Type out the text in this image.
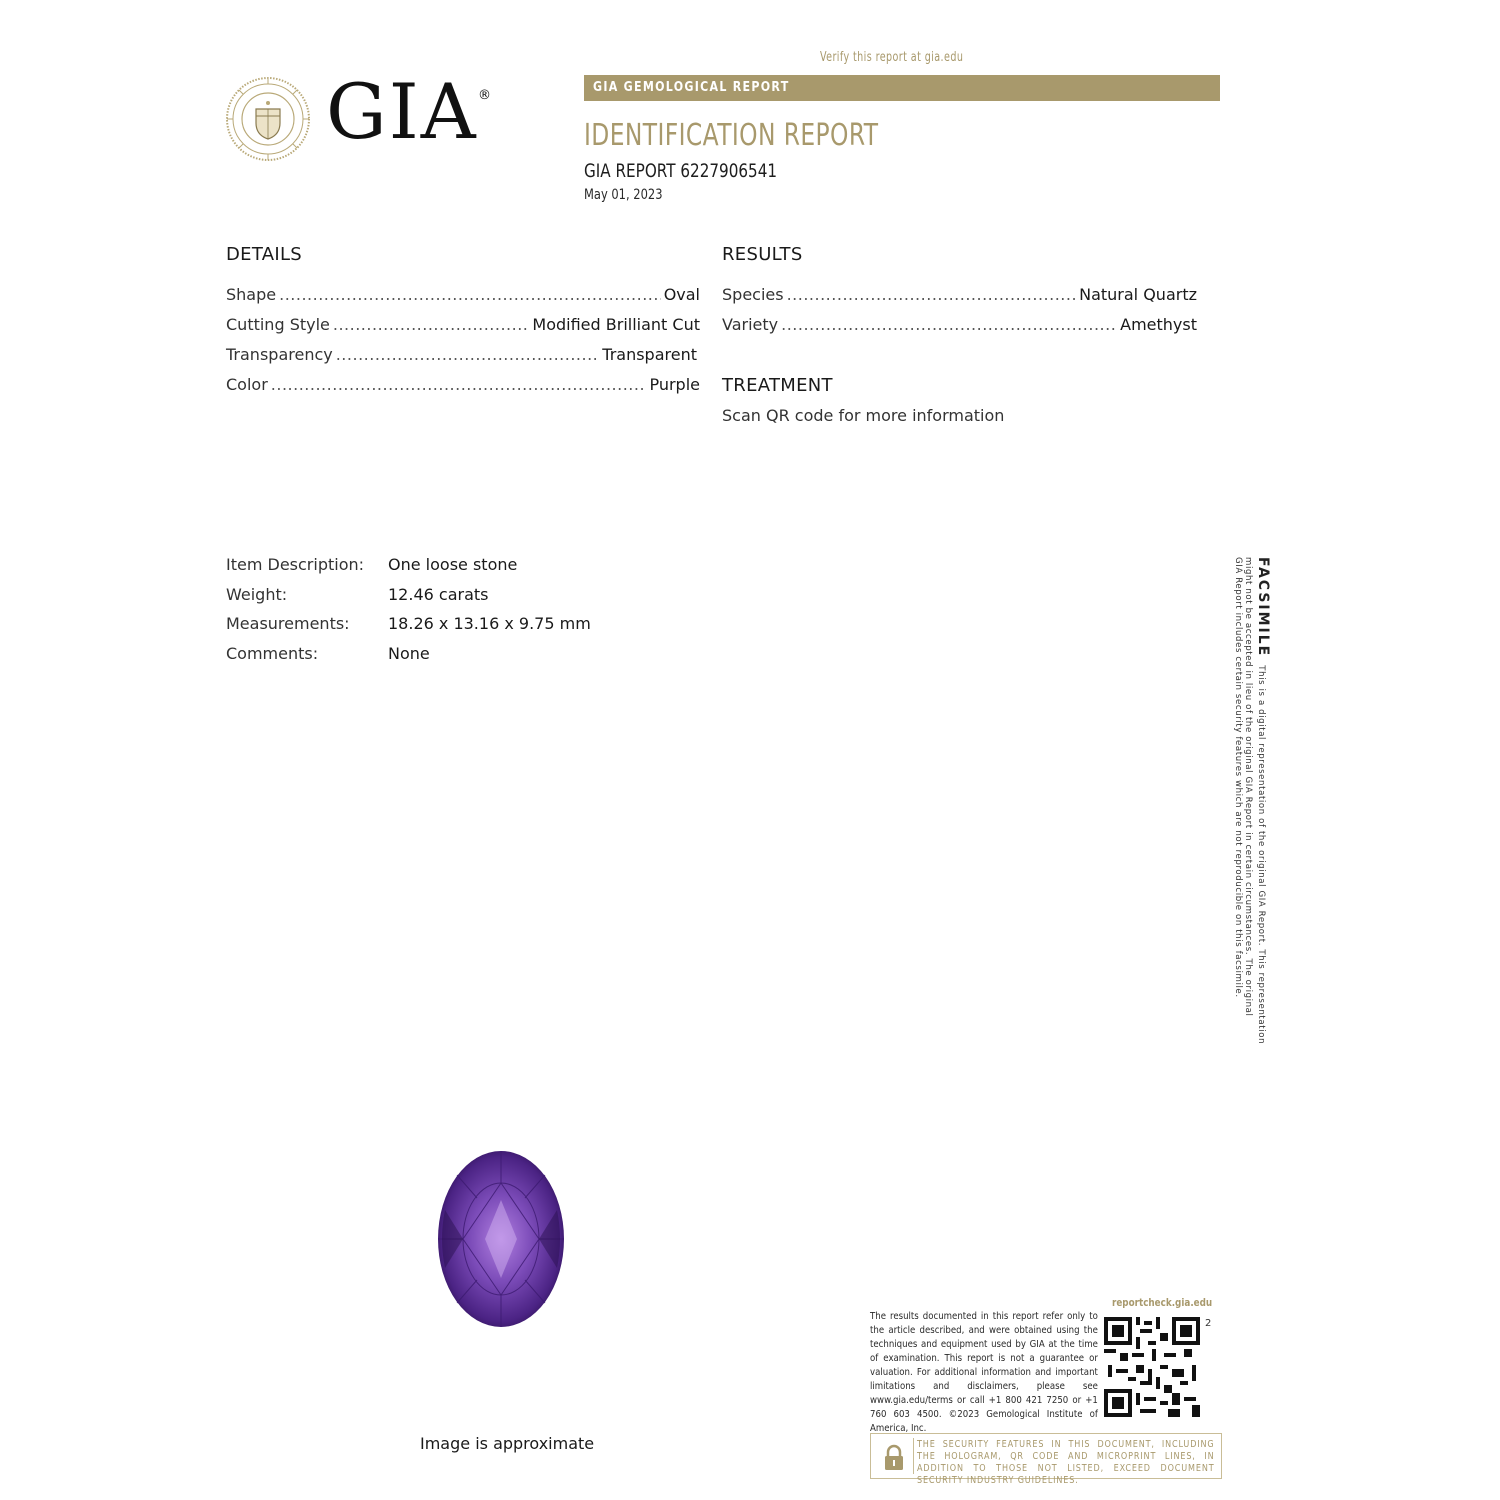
Verify this report at gia.edu
GIA GEMOLOGICAL REPORT
IDENTIFICATION REPORT
GIA REPORT 6227906541
May 01, 2023
GIA ®
DETAILS
Shape .....	Oval
Cutting Style .....	Modified Brilliant Cut
Transparency .....	Transparent
Color .....	Purple
RESULTS
Species .....	Natural Quartz
Variety .....	Amethyst
TREATMENT
Scan QR code for more information
Item Description:	One loose stone
Weight:	12.46 carats
Measurements:	18.26 x 13.16 x 9.75 mm
Comments:	None	FACSIMILE
This is a digital representation of the original GIA Report. This representation
might not be accepted in lieu of the original GIA Report in certain circumstances. The original
GIA Report includes certain security features which are not reproducible on this facsimile.
Image is approximate
The results documented in this report refer only to the article described, and were obtained using the techniques and equipment used by GIA at the time of examination. This report is not a guarantee or valuation. For additional information and important limitations and disclaimers, please see www.gia.edu/terms or call +1 800 421 7250 or +1 760 603 4500. ©2023 Gemological Institute of America, Inc.
reportcheck.gia.edu
2
THE SECURITY FEATURES IN THIS DOCUMENT, INCLUDING THE HOLOGRAM, QR CODE AND MICROPRINT LINES, IN ADDITION TO THOSE NOT LISTED, EXCEED DOCUMENT SECURITY INDUSTRY GUIDELINES.
